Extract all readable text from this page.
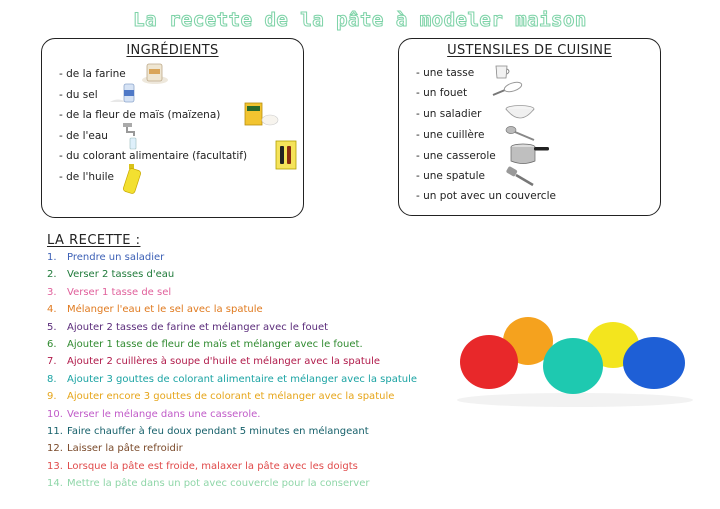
La recette de la pâte à modeler maison
INGRÉDIENTS
- de la farine
- du sel
- de la fleur de maïs (maïzena)
- de l'eau
- du colorant alimentaire (facultatif)
- de l'huile
USTENSILES DE CUISINE
- une tasse
- un fouet
- un saladier
- une cuillère
- une casserole
- une spatule
- un pot avec un couvercle
LA RECETTE :
1. Prendre un saladier
2. Verser 2 tasses d'eau
3. Verser 1 tasse de sel
4. Mélanger l'eau et le sel avec la spatule
5. Ajouter 2 tasses de farine et mélanger avec le fouet
6. Ajouter 1 tasse de fleur de maïs et mélanger avec le fouet.
7. Ajouter 2 cuillères à soupe d'huile et mélanger avec la spatule
8. Ajouter 3 gouttes de colorant alimentaire et mélanger avec la spatule
9. Ajouter encore 3 gouttes de colorant et mélanger avec la spatule
10. Verser le mélange dans une casserole.
11. Faire chauffer à feu doux pendant 5 minutes en mélangeant
12. Laisser la pâte refroidir
13. Lorsque la pâte est froide, malaxer la pâte avec les doigts
14. Mettre la pâte dans un pot avec couvercle pour la conserver
